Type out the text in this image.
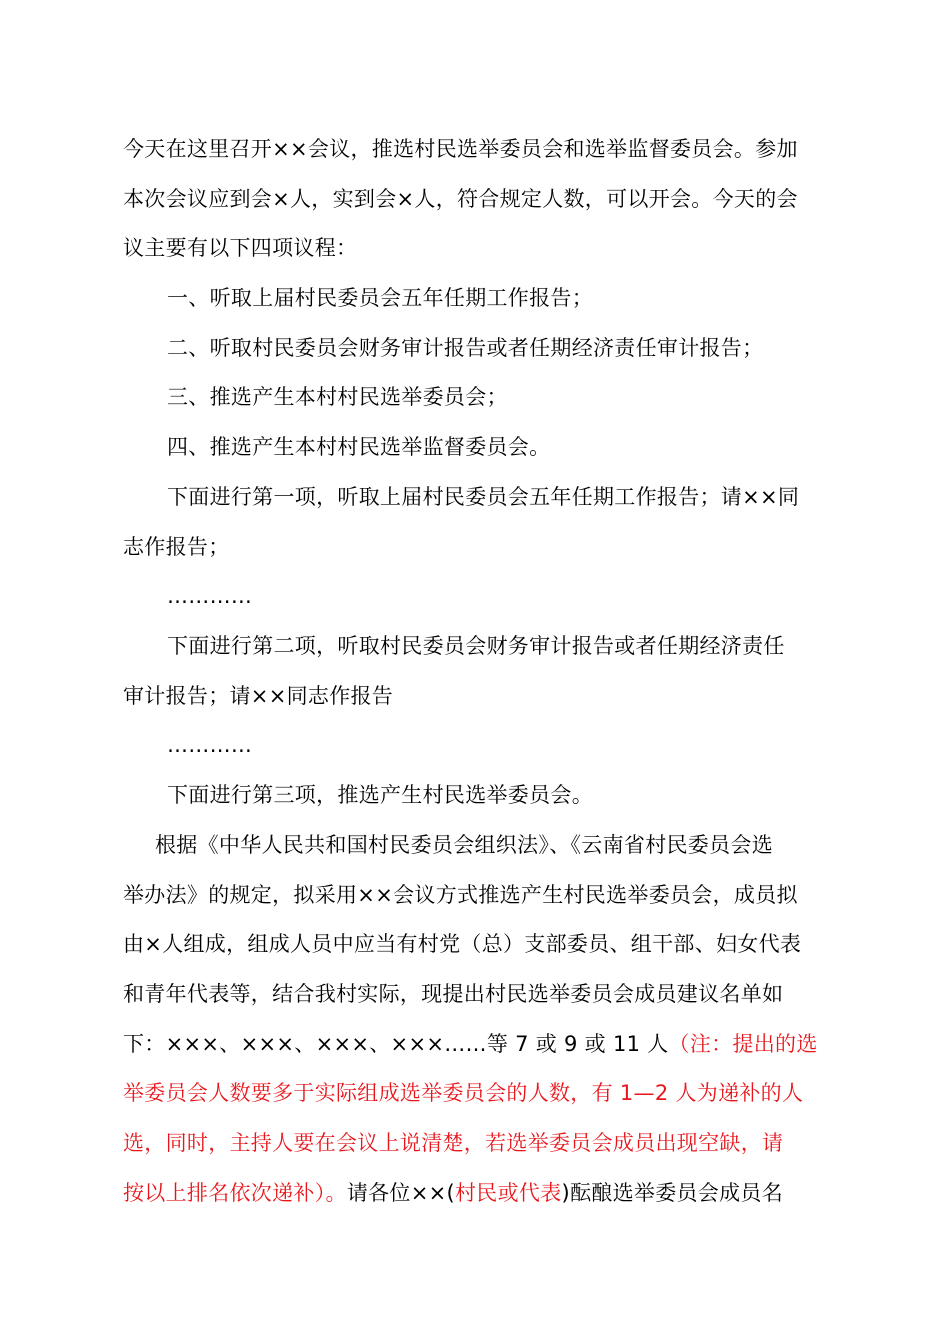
今天在这里召开××会议，推选村民选举委员会和选举监督委员会。参加
本次会议应到会×人，实到会×人，符合规定人数，可以开会。今天的会
议主要有以下四项议程：
一、听取上届村民委员会五年任期工作报告；
二、听取村民委员会财务审计报告或者任期经济责任审计报告；
三、推选产生本村村民选举委员会；
四、推选产生本村村民选举监督委员会。
下面进行第一项，听取上届村民委员会五年任期工作报告；请××同
志作报告；
…………
下面进行第二项，听取村民委员会财务审计报告或者任期经济责任
审计报告；请××同志作报告
…………
下面进行第三项，推选产生村民选举委员会。
根据《中华人民共和国村民委员会组织法》、《云南省村民委员会选
举办法》的规定，拟采用××会议方式推选产生村民选举委员会，成员拟
由×人组成，组成人员中应当有村党（总）支部委员、组干部、妇女代表
和青年代表等，结合我村实际，现提出村民选举委员会成员建议名单如
下：×××、×××、×××、×××……等 7 或 9 或 11 人（注：提出的选
举委员会人数要多于实际组成选举委员会的人数，有 1—2 人为递补的人
选，同时，主持人要在会议上说清楚，若选举委员会成员出现空缺，请
按以上排名依次递补）。请各位××(村民或代表)酝酿选举委员会成员名
